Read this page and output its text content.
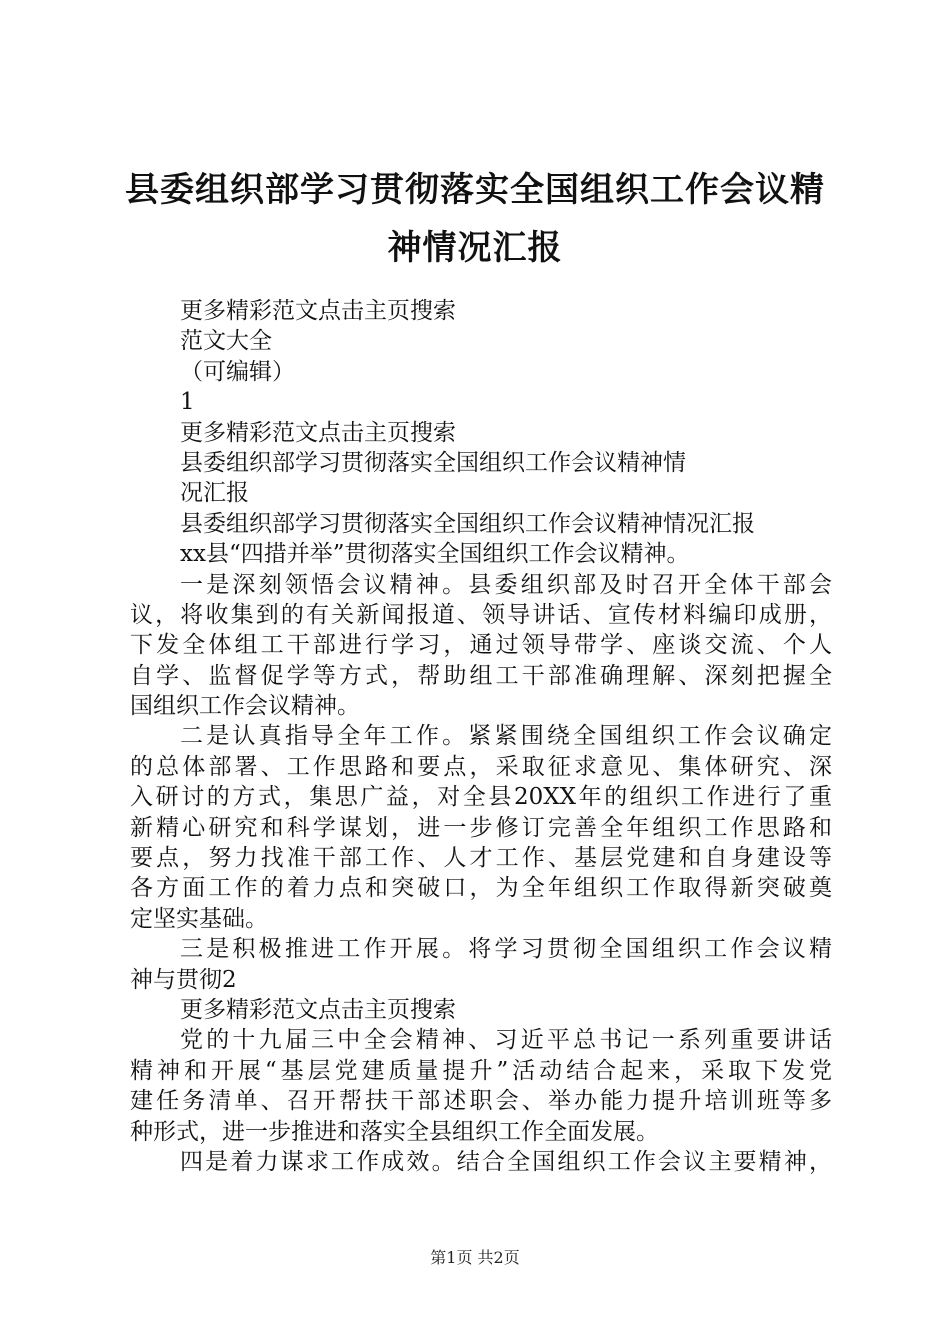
县委组织部学习贯彻落实全国组织工作会议精
神情况汇报
更多精彩范文点击主页搜索
范文大全
（可编辑）
1
更多精彩范文点击主页搜索
县委组织部学习贯彻落实全国组织工作会议精神情
况汇报
县委组织部学习贯彻落实全国组织工作会议精神情况汇报
xx县“四措并举”贯彻落实全国组织工作会议精神。
一是深刻领悟会议精神。县委组织部及时召开全体干部会
议，将收集到的有关新闻报道、领导讲话、宣传材料编印成册，
下发全体组工干部进行学习，通过领导带学、座谈交流、个人
自学、监督促学等方式，帮助组工干部准确理解、深刻把握全
国组织工作会议精神。
二是认真指导全年工作。紧紧围绕全国组织工作会议确定
的总体部署、工作思路和要点，采取征求意见、集体研究、深
入研讨的方式，集思广益，对全县20XX年的组织工作进行了重
新精心研究和科学谋划，进一步修订完善全年组织工作思路和
要点，努力找准干部工作、人才工作、基层党建和自身建设等
各方面工作的着力点和突破口，为全年组织工作取得新突破奠
定坚实基础。
三是积极推进工作开展。将学习贯彻全国组织工作会议精
神与贯彻2
更多精彩范文点击主页搜索
党的十九届三中全会精神、习近平总书记一系列重要讲话
精神和开展“基层党建质量提升”活动结合起来，采取下发党
建任务清单、召开帮扶干部述职会、举办能力提升培训班等多
种形式，进一步推进和落实全县组织工作全面发展。
四是着力谋求工作成效。结合全国组织工作会议主要精神，
第1页 共2页
